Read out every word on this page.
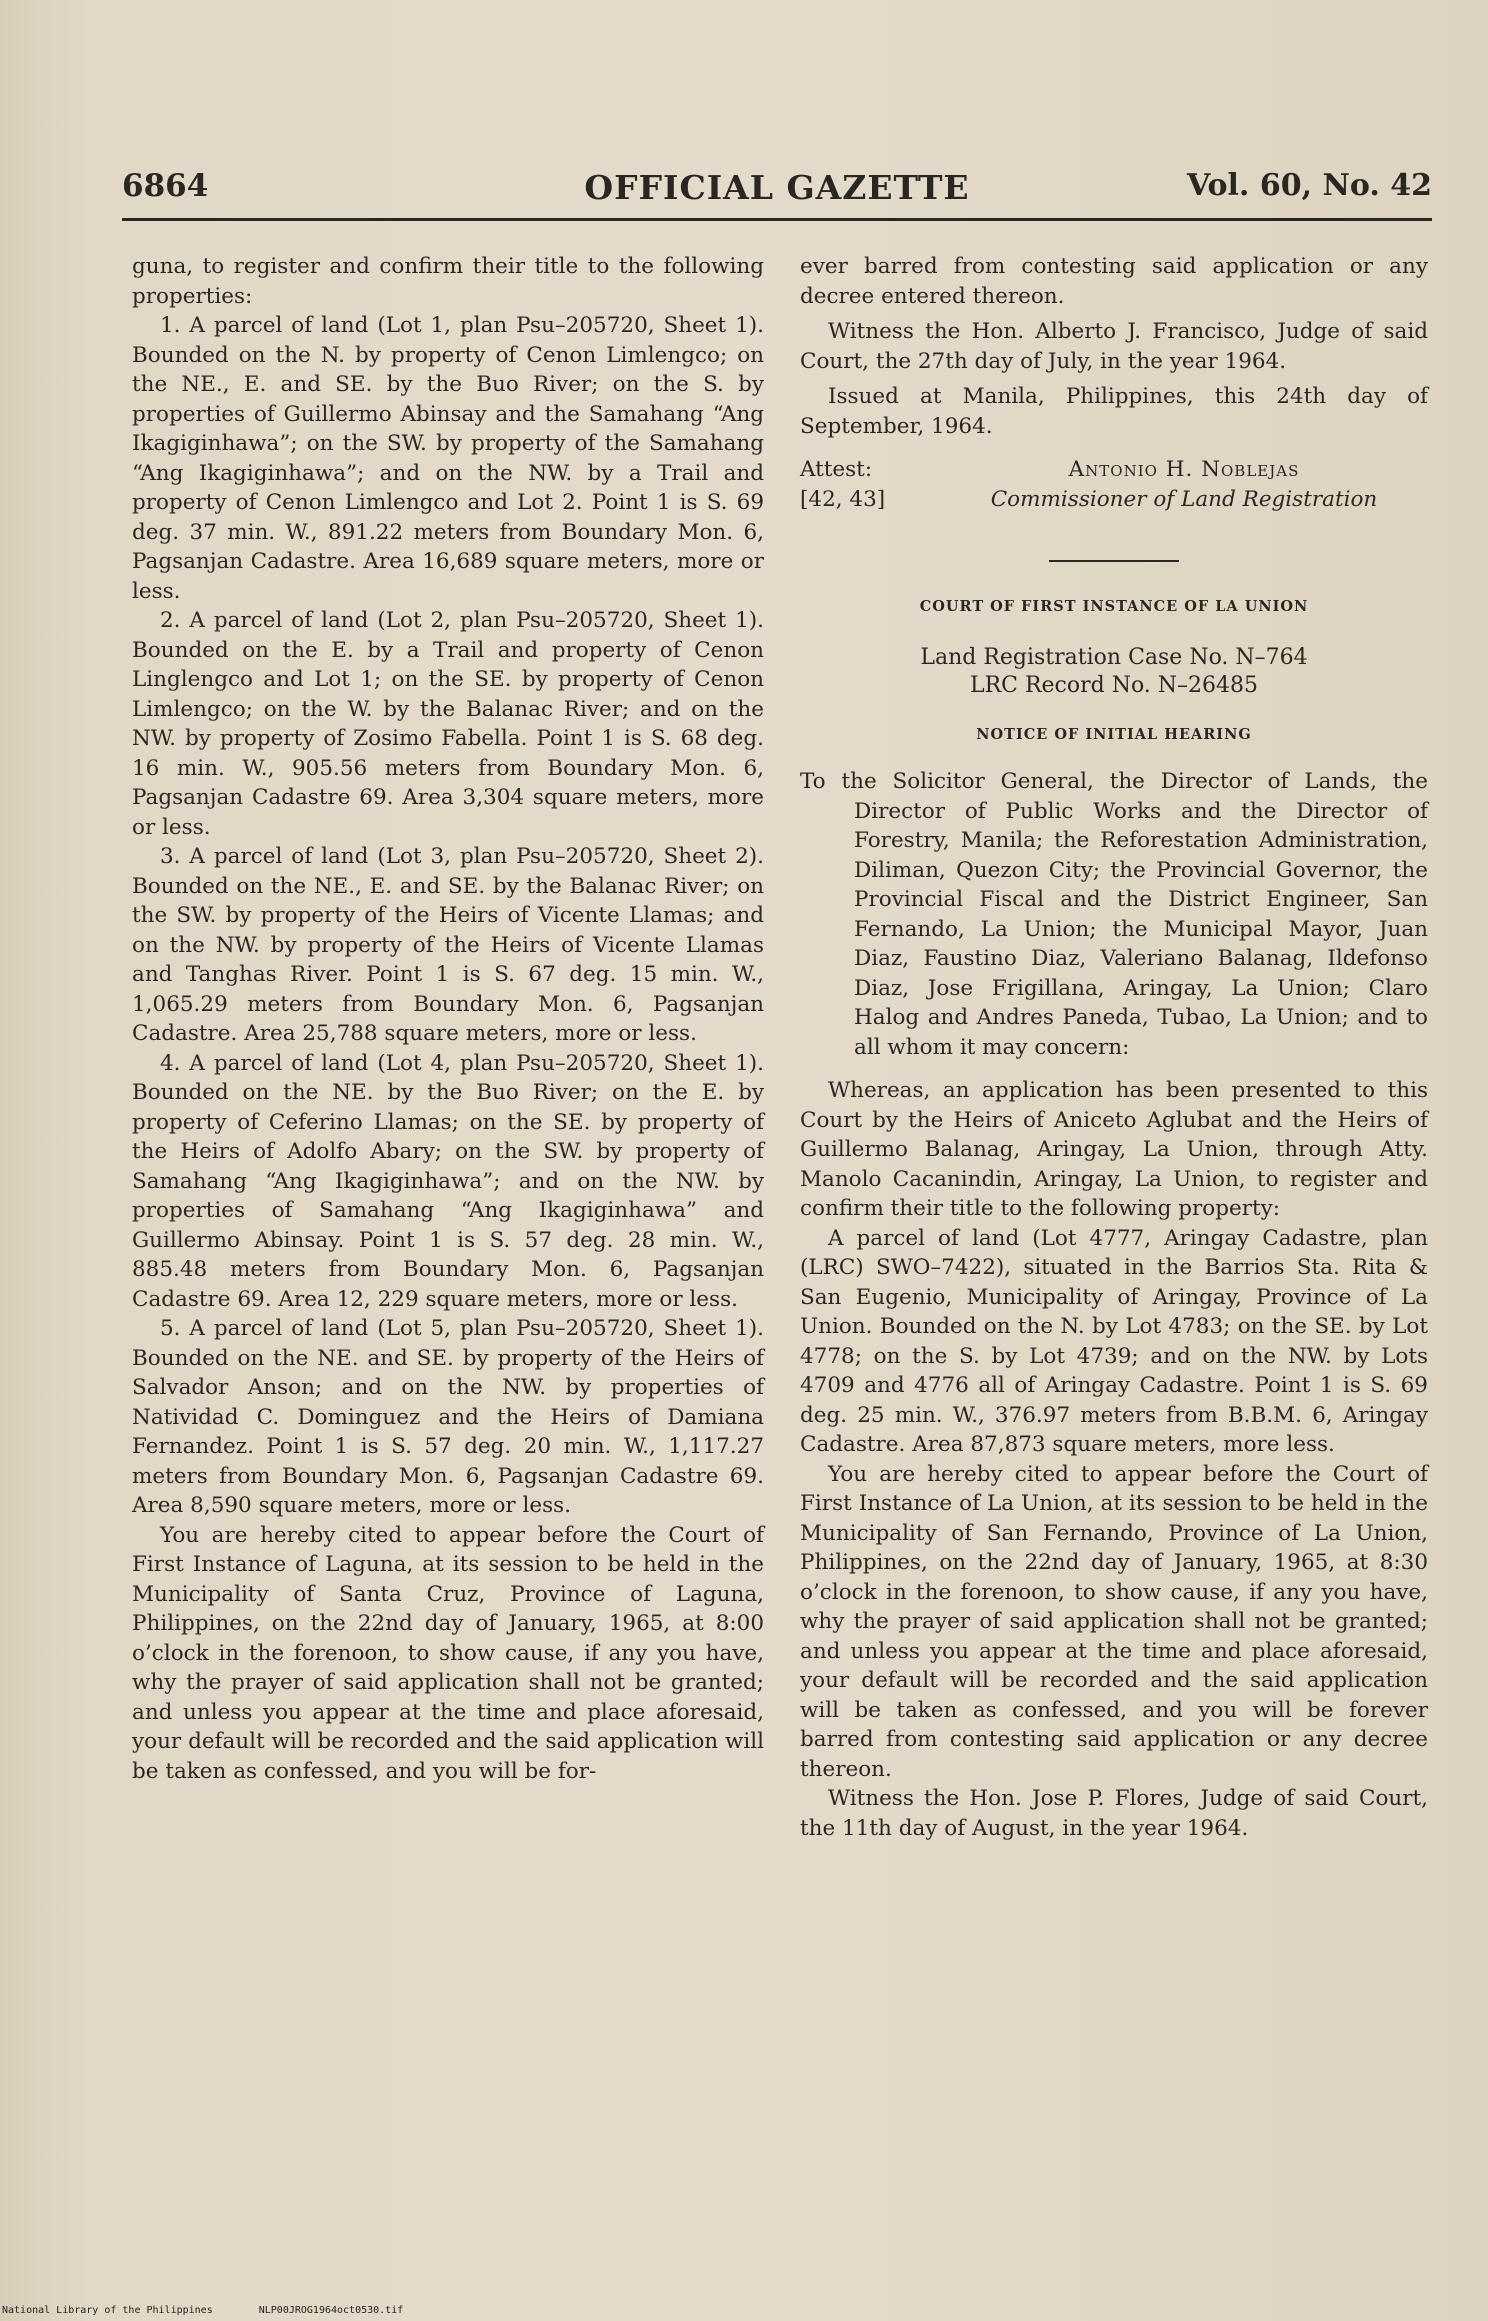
6864	OFFICIAL GAZETTE	Vol. 60, No. 42

guna, to register and confirm their title to the following properties:

1. A parcel of land (Lot 1, plan Psu–205720, Sheet 1). Bounded on the N. by property of Cenon Limlengco; on the NE., E. and SE. by the Buo River; on the S. by properties of Guillermo Abinsay and the Samahang “Ang Ikagiginhawa”; on the SW. by property of the Samahang “Ang Ikagiginhawa”; and on the NW. by a Trail and property of Cenon Limlengco and Lot 2. Point 1 is S. 69 deg. 37 min. W., 891.22 meters from Boundary Mon. 6, Pagsanjan Cadastre. Area 16,689 square meters, more or less.

2. A parcel of land (Lot 2, plan Psu–205720, Sheet 1). Bounded on the E. by a Trail and property of Cenon Linglengco and Lot 1; on the SE. by property of Cenon Limlengco; on the W. by the Balanac River; and on the NW. by property of Zosimo Fabella. Point 1 is S. 68 deg. 16 min. W., 905.56 meters from Boundary Mon. 6, Pagsanjan Cadastre 69. Area 3,304 square meters, more or less.

3. A parcel of land (Lot 3, plan Psu–205720, Sheet 2). Bounded on the NE., E. and SE. by the Balanac River; on the SW. by property of the Heirs of Vicente Llamas; and on the NW. by property of the Heirs of Vicente Llamas and Tanghas River. Point 1 is S. 67 deg. 15 min. W., 1,065.29 meters from Boundary Mon. 6, Pagsanjan Cadastre. Area 25,788 square meters, more or less.

4. A parcel of land (Lot 4, plan Psu–205720, Sheet 1). Bounded on the NE. by the Buo River; on the E. by property of Ceferino Llamas; on the SE. by property of the Heirs of Adolfo Abary; on the SW. by property of Samahang “Ang Ikagiginhawa”; and on the NW. by properties of Samahang “Ang Ikagiginhawa” and Guillermo Abinsay. Point 1 is S. 57 deg. 28 min. W., 885.48 meters from Boundary Mon. 6, Pagsanjan Cadastre 69. Area 12, 229 square meters, more or less.

5. A parcel of land (Lot 5, plan Psu–205720, Sheet 1). Bounded on the NE. and SE. by property of the Heirs of Salvador Anson; and on the NW. by properties of Natividad C. Dominguez and the Heirs of Damiana Fernandez. Point 1 is S. 57 deg. 20 min. W., 1,117.27 meters from Boundary Mon. 6, Pagsanjan Cadastre 69. Area 8,590 square meters, more or less.

You are hereby cited to appear before the Court of First Instance of Laguna, at its session to be held in the Municipality of Santa Cruz, Province of Laguna, Philippines, on the 22nd day of January, 1965, at 8:00 o’clock in the forenoon, to show cause, if any you have, why the prayer of said application shall not be granted; and unless you appear at the time and place aforesaid, your default will be recorded and the said application will be taken as confessed, and you will be for-

ever barred from contesting said application or any decree entered thereon.

Witness the Hon. Alberto J. Francisco, Judge of said Court, the 27th day of July, in the year 1964.

Issued at Manila, Philippines, this 24th day of September, 1964.

Attest:
[42, 43]
Antonio H. Noblejas
Commissioner of Land Registration
COURT OF FIRST INSTANCE OF LA UNION
Land Registration Case No. N–764
LRC Record No. N–26485
NOTICE OF INITIAL HEARING

To the Solicitor General, the Director of Lands, the Director of Public Works and the Director of Forestry, Manila; the Reforestation Administration, Diliman, Quezon City; the Provincial Governor, the Provincial Fiscal and the District Engineer, San Fernando, La Union; the Municipal Mayor, Juan Diaz, Faustino Diaz, Valeriano Balanag, Ildefonso Diaz, Jose Frigillana, Aringay, La Union; Claro Halog and Andres Paneda, Tubao, La Union; and to all whom it may concern:

Whereas, an application has been presented to this Court by the Heirs of Aniceto Aglubat and the Heirs of Guillermo Balanag, Aringay, La Union, through Atty. Manolo Cacanindin, Aringay, La Union, to register and confirm their title to the following property:

A parcel of land (Lot 4777, Aringay Cadastre, plan (LRC) SWO–7422), situated in the Barrios Sta. Rita & San Eugenio, Municipality of Aringay, Province of La Union. Bounded on the N. by Lot 4783; on the SE. by Lot 4778; on the S. by Lot 4739; and on the NW. by Lots 4709 and 4776 all of Aringay Cadastre. Point 1 is S. 69 deg. 25 min. W., 376.97 meters from B.B.M. 6, Aringay Cadastre. Area 87,873 square meters, more less.

You are hereby cited to appear before the Court of First Instance of La Union, at its session to be held in the Municipality of San Fernando, Province of La Union, Philippines, on the 22nd day of January, 1965, at 8:30 o’clock in the forenoon, to show cause, if any you have, why the prayer of said application shall not be granted; and unless you appear at the time and place aforesaid, your default will be recorded and the said application will be taken as confessed, and you will be forever barred from contesting said application or any decree thereon.

Witness the Hon. Jose P. Flores, Judge of said Court, the 11th day of August, in the year 1964.

National Library of the Philippines	NLP00JROG1964oct0530.tif
